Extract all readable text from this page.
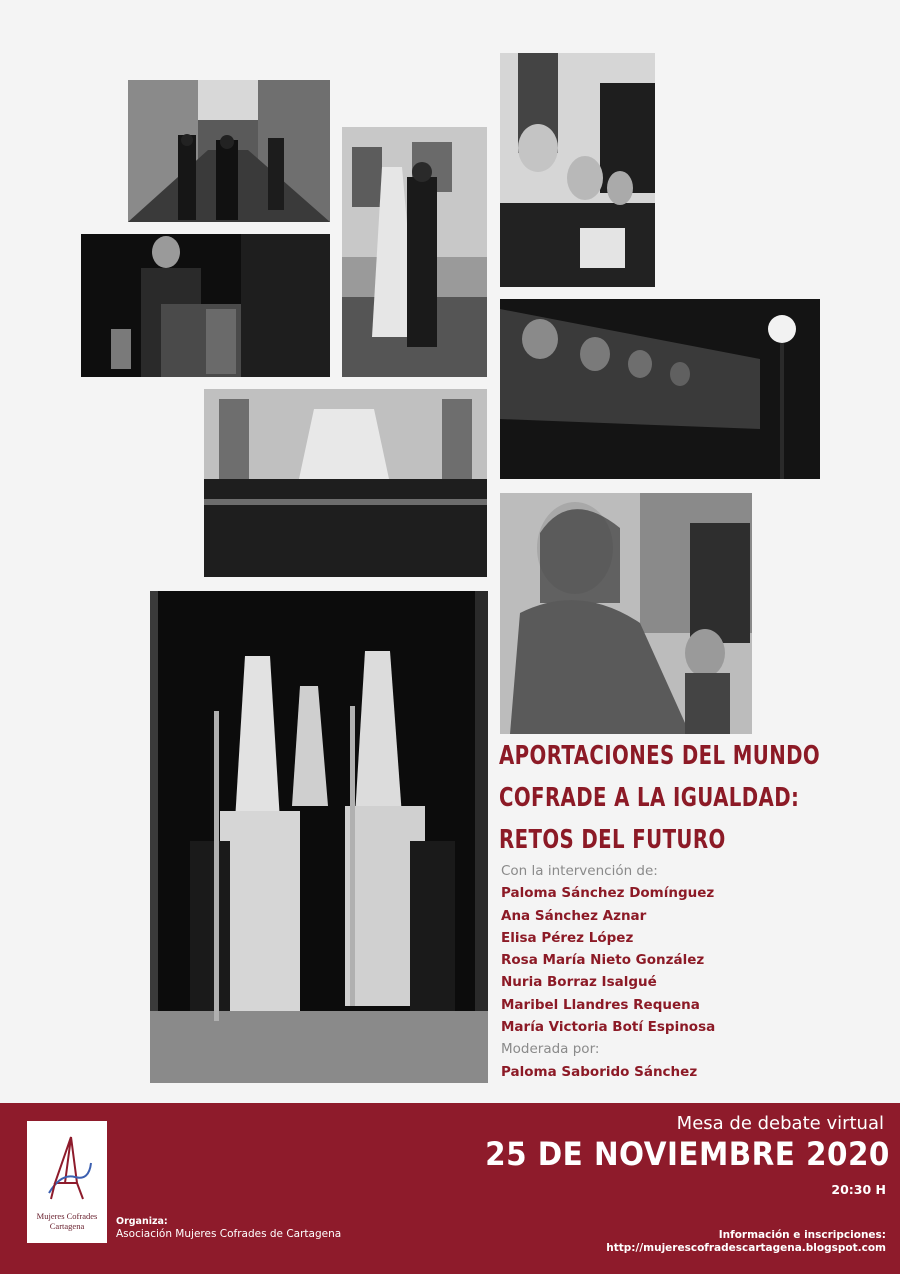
APORTACIONES DEL MUNDO
COFRADE A LA IGUALDAD:
RETOS DEL FUTURO
Con la intervención de:
Paloma Sánchez Domínguez
Ana Sánchez Aznar
Elisa Pérez López
Rosa María Nieto González
Nuria Borraz Isalgué
Maribel Llandres Requena
María Victoria Botí Espinosa
Moderada por:
Paloma Saborido Sánchez
Mujeres Cofrades
Cartagena	Organiza:
Asociación Mujeres Cofrades de Cartagena
Mesa de debate virtual
25 DE NOVIEMBRE 2020
20:30 H
Información e inscripciones:
http://mujerescofradescartagena.blogspot.com
